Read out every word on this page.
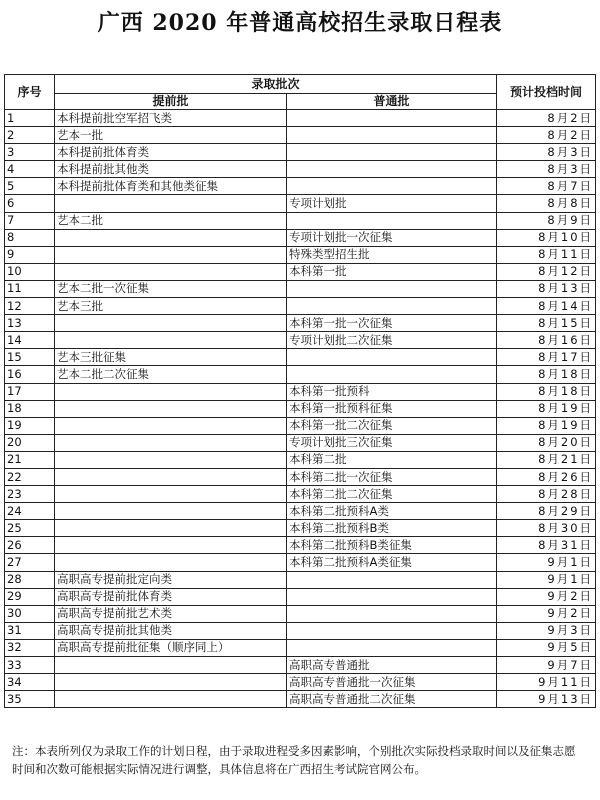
广西 2020 年普通高校招生录取日程表
序号	录取批次		预计投档时间
	提前批	普通批	
1	本科提前批空军招飞类		8月2日
2	艺本一批		8月2日
3	本科提前批体育类		8月3日
4	本科提前批其他类		8月3日
5	本科提前批体育类和其他类征集		8月7日
6		专项计划批	8月8日
7	艺本二批		8月9日
8		专项计划批一次征集	8月10日
9		特殊类型招生批	8月11日
10		本科第一批	8月12日
11	艺本二批一次征集		8月13日
12	艺本三批		8月14日
13		本科第一批一次征集	8月15日
14		专项计划批二次征集	8月16日
15	艺本三批征集		8月17日
16	艺本二批二次征集		8月18日
17		本科第一批预科	8月18日
18		本科第一批预科征集	8月19日
19		本科第一批二次征集	8月19日
20		专项计划批三次征集	8月20日
21		本科第二批	8月21日
22		本科第二批一次征集	8月26日
23		本科第二批二次征集	8月28日
24		本科第二批预科A类	8月29日
25		本科第二批预科B类	8月30日
26		本科第二批预科B类征集	8月31日
27		本科第二批预科A类征集	9月1日
28	高职高专提前批定向类		9月1日
29	高职高专提前批体育类		9月2日
30	高职高专提前批艺术类		9月2日
31	高职高专提前批其他类		9月3日
32	高职高专提前批征集（顺序同上）		9月5日
33		高职高专普通批	9月7日
34		高职高专普通批一次征集	9月11日
35		高职高专普通批二次征集	9月13日
注：本表所列仅为录取工作的计划日程，由于录取进程受多因素影响，个别批次实际投档录取时间以及征集志愿时间和次数可能根据实际情况进行调整，具体信息将在广西招生考试院官网公布。
